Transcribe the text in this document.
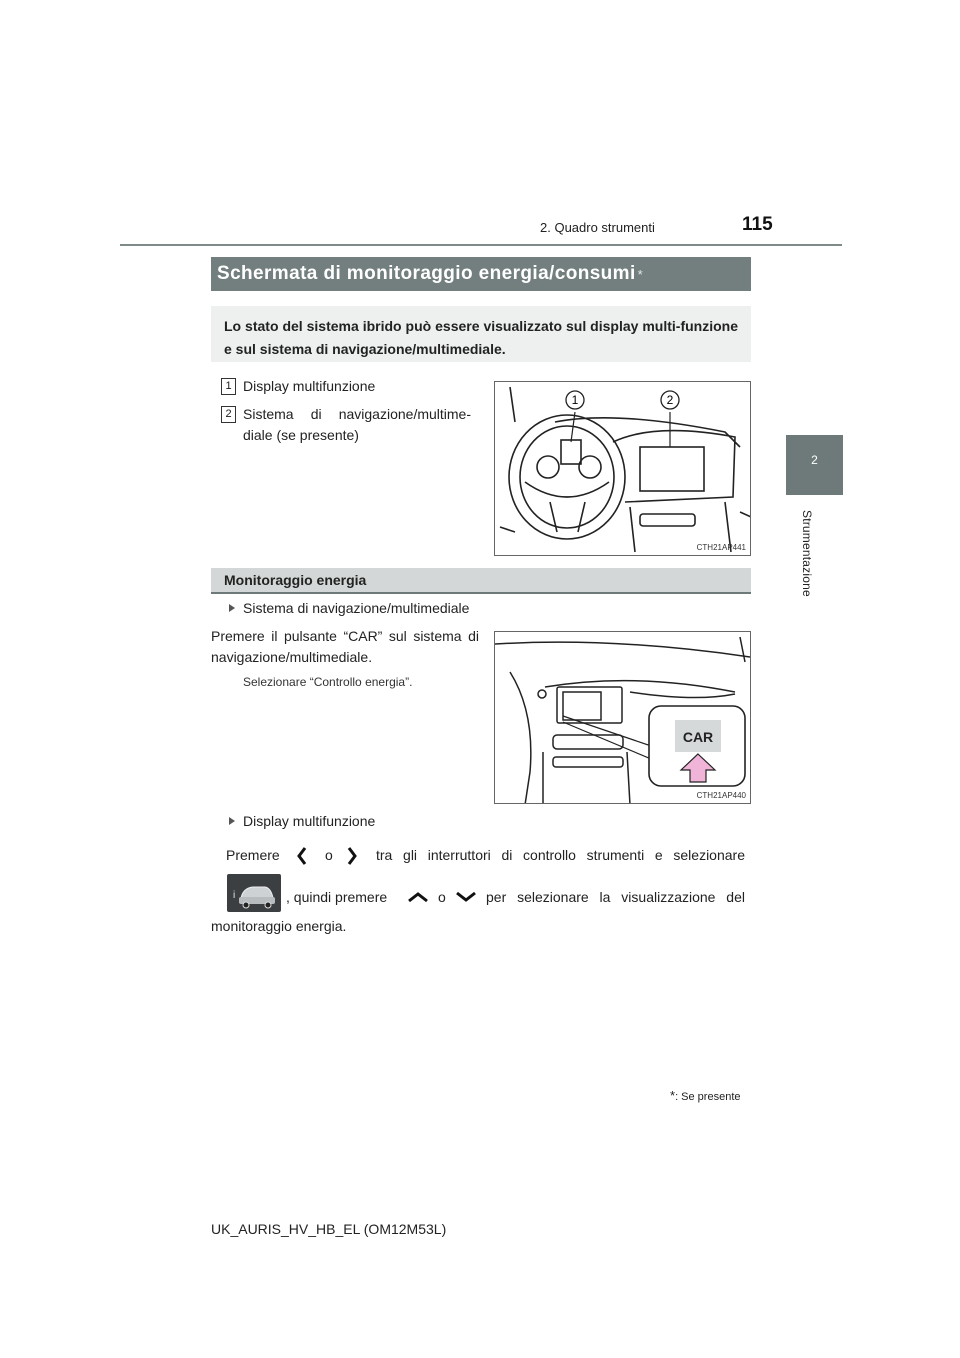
2. Quadro strumenti	115
2
Strumentazione
Schermata di monitoraggio energia/consumi *
Lo stato del sistema ibrido può essere visualizzato sul display multi-funzione e sul sistema di navigazione/multimediale.
1 Display multifunzione
2 Sistema di navigazione/multime-diale (se presente)
1	2
CTH21AP441
Monitoraggio energia
Sistema di navigazione/multimediale
Premere il pulsante “CAR” sul sistema di navigazione/multimediale.
Selezionare “Controllo energia”.
CAR
CTH21AP440
Display multifunzione
Premere	o	tra gli interruttori di controllo strumenti e selezionare
i	, quindi premere	o	per selezionare la visualizzazione del
monitoraggio energia.
*: Se presente
UK_AURIS_HV_HB_EL (OM12M53L)
